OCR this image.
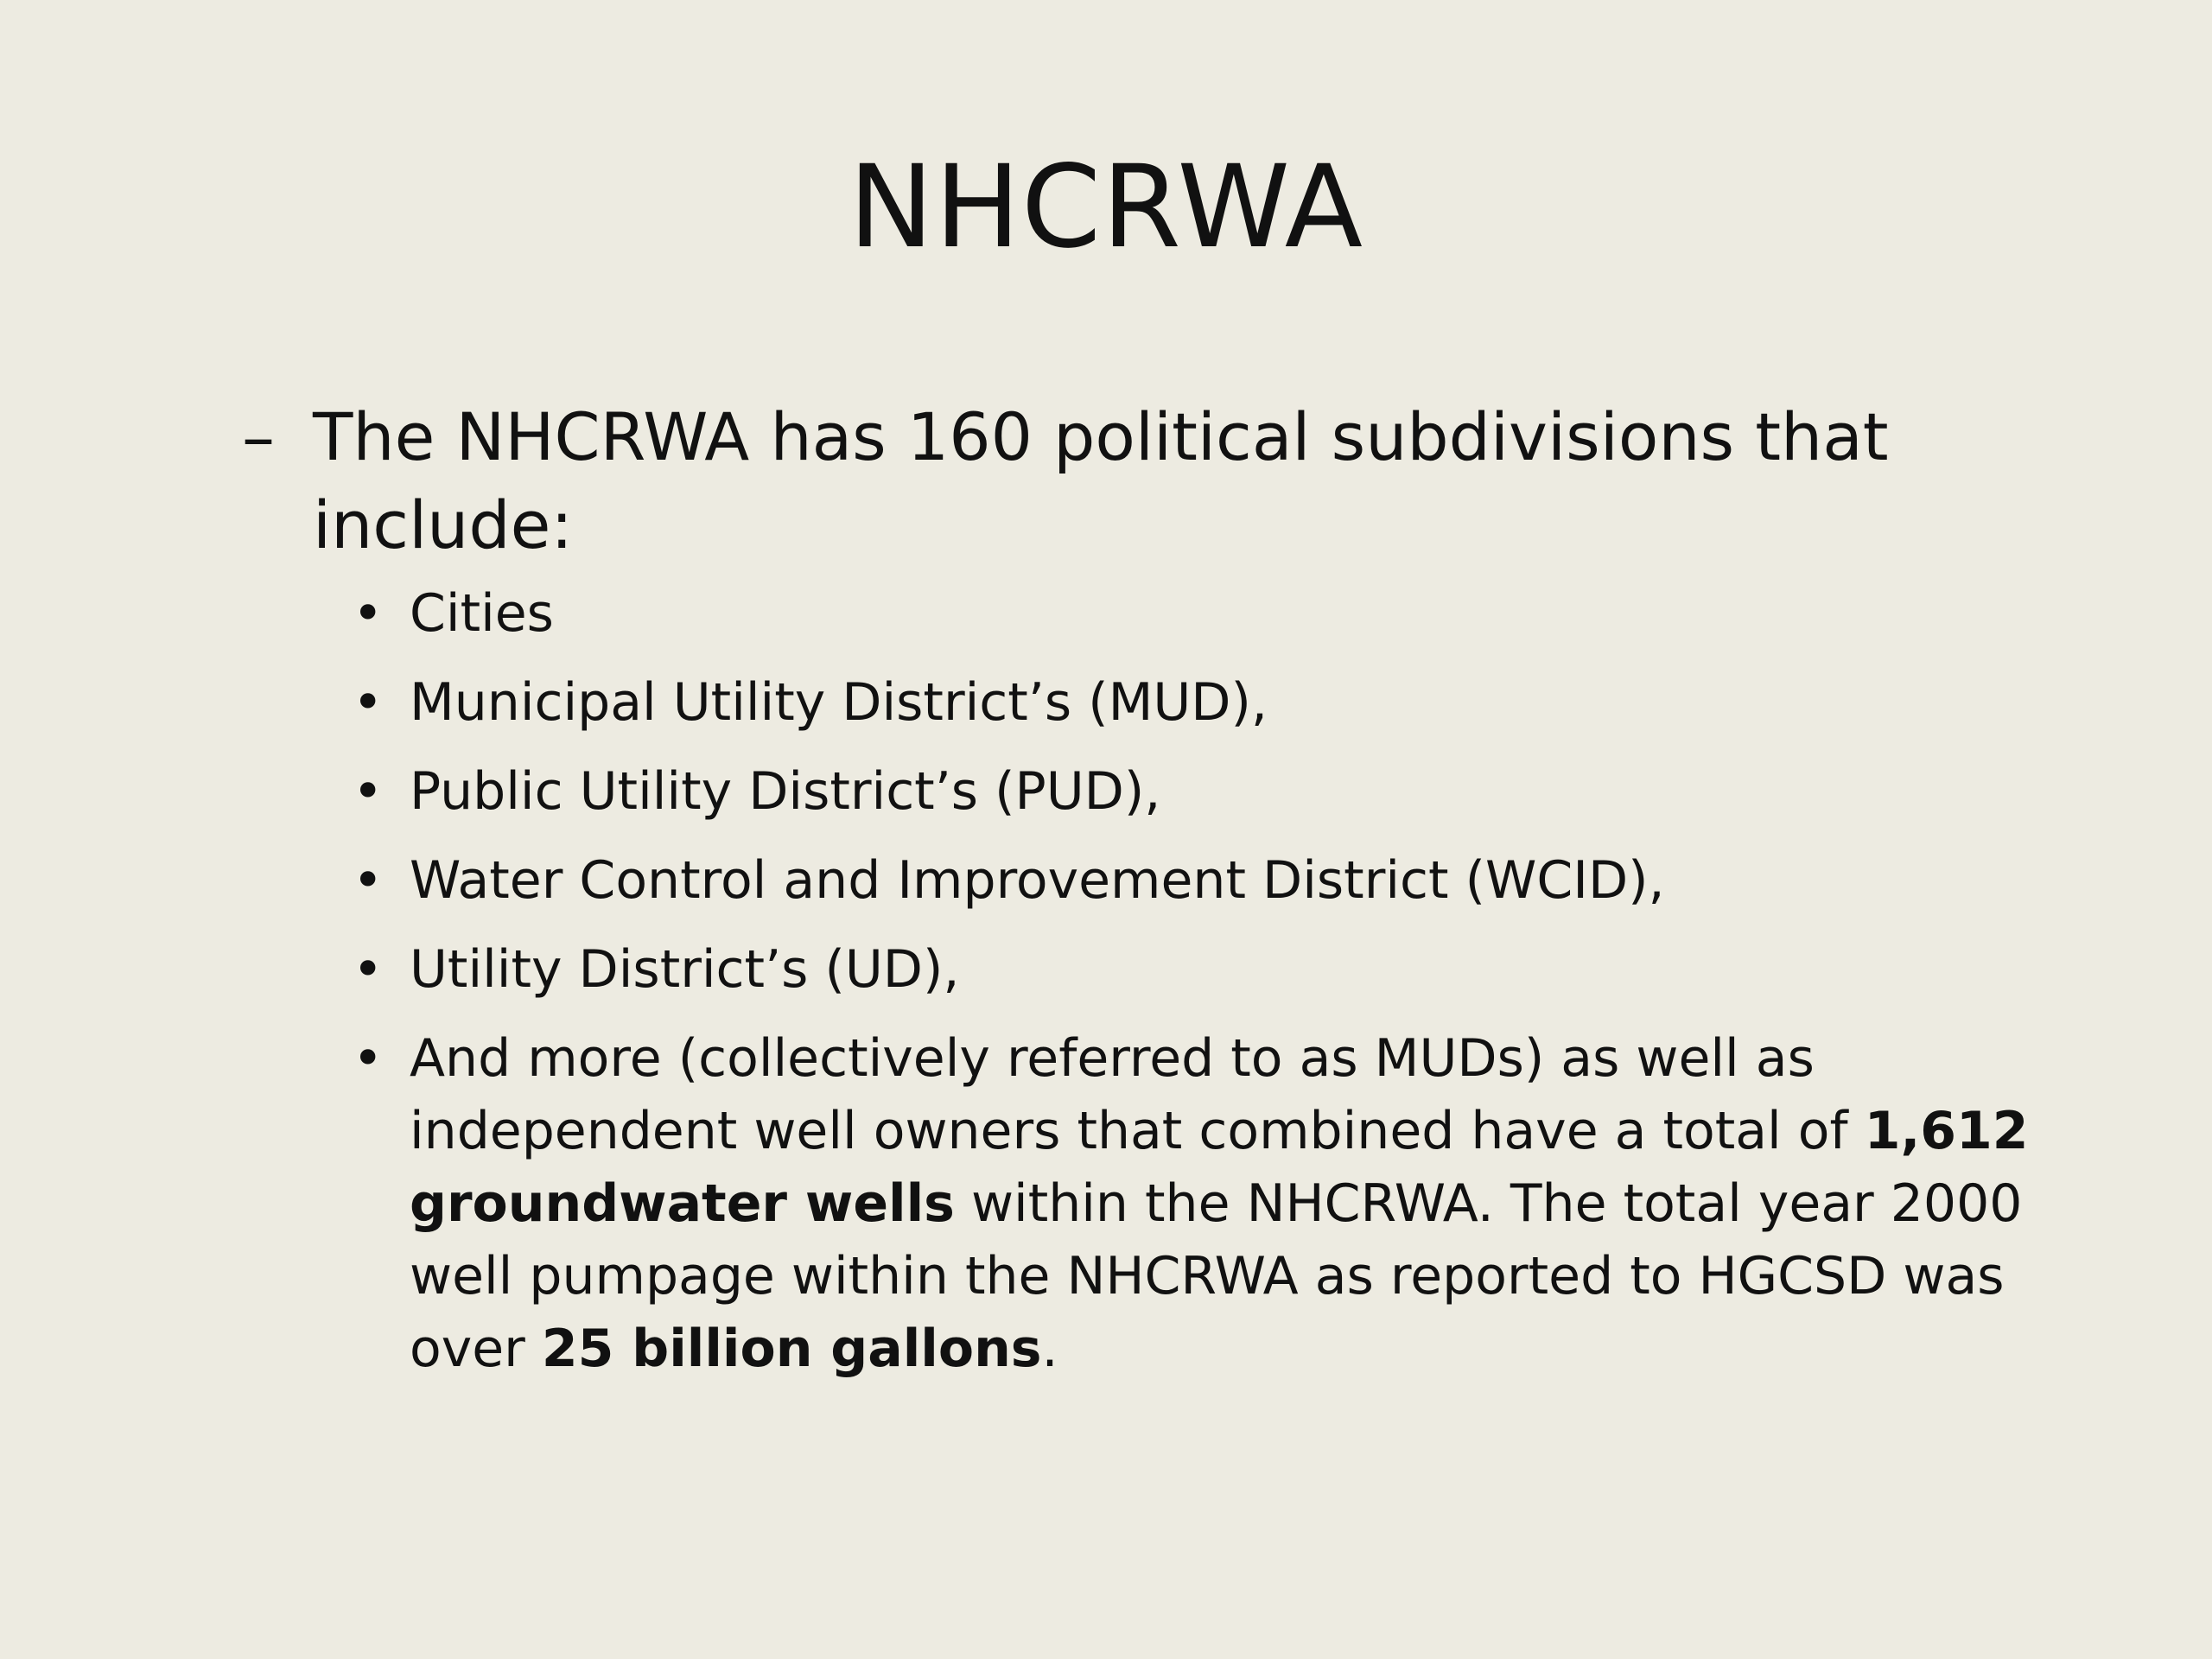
NHCRWA
– The NHCRWA has 160 political subdivisions that include:
• Cities
• Municipal Utility District’s (MUD),
• Public Utility District’s (PUD),
• Water Control and Improvement District (WCID),
• Utility District’s (UD),
• And more (collectively referred to as MUDs) as well as independent well owners that combined have a total of 1,612 groundwater wells within the NHCRWA. The total year 2000 well pumpage within the NHCRWA as reported to HGCSD was over 25 billion gallons.
